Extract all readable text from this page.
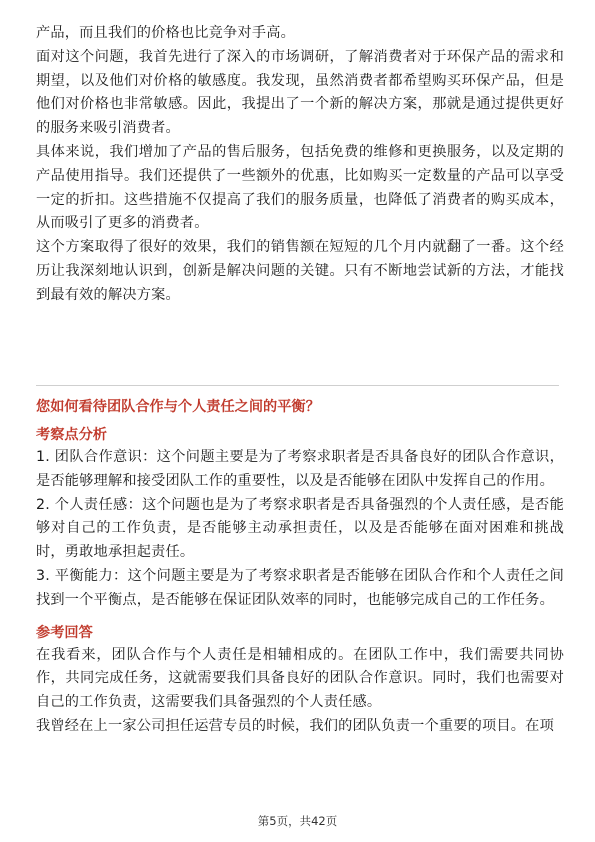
产品，而且我们的价格也比竞争对手高。

面对这个问题，我首先进行了深入的市场调研，了解消费者对于环保产品的需求和期望，以及他们对价格的敏感度。我发现，虽然消费者都希望购买环保产品，但是他们对价格也非常敏感。因此，我提出了一个新的解决方案，那就是通过提供更好的服务来吸引消费者。

具体来说，我们增加了产品的售后服务，包括免费的维修和更换服务，以及定期的产品使用指导。我们还提供了一些额外的优惠，比如购买一定数量的产品可以享受一定的折扣。这些措施不仅提高了我们的服务质量，也降低了消费者的购买成本，从而吸引了更多的消费者。

这个方案取得了很好的效果，我们的销售额在短短的几个月内就翻了一番。这个经历让我深刻地认识到，创新是解决问题的关键。只有不断地尝试新的方法，才能找到最有效的解决方案。

您如何看待团队合作与个人责任之间的平衡？

考察点分析

1. 团队合作意识：这个问题主要是为了考察求职者是否具备良好的团队合作意识，是否能够理解和接受团队工作的重要性，以及是否能够在团队中发挥自己的作用。

2. 个人责任感：这个问题也是为了考察求职者是否具备强烈的个人责任感，是否能够对自己的工作负责，是否能够主动承担责任，以及是否能够在面对困难和挑战时，勇敢地承担起责任。

3. 平衡能力：这个问题主要是为了考察求职者是否能够在团队合作和个人责任之间找到一个平衡点，是否能够在保证团队效率的同时，也能够完成自己的工作任务。

参考回答

在我看来，团队合作与个人责任是相辅相成的。在团队工作中，我们需要共同协作，共同完成任务，这就需要我们具备良好的团队合作意识。同时，我们也需要对自己的工作负责，这需要我们具备强烈的个人责任感。

我曾经在上一家公司担任运营专员的时候，我们的团队负责一个重要的项目。在项

第5页，共42页
